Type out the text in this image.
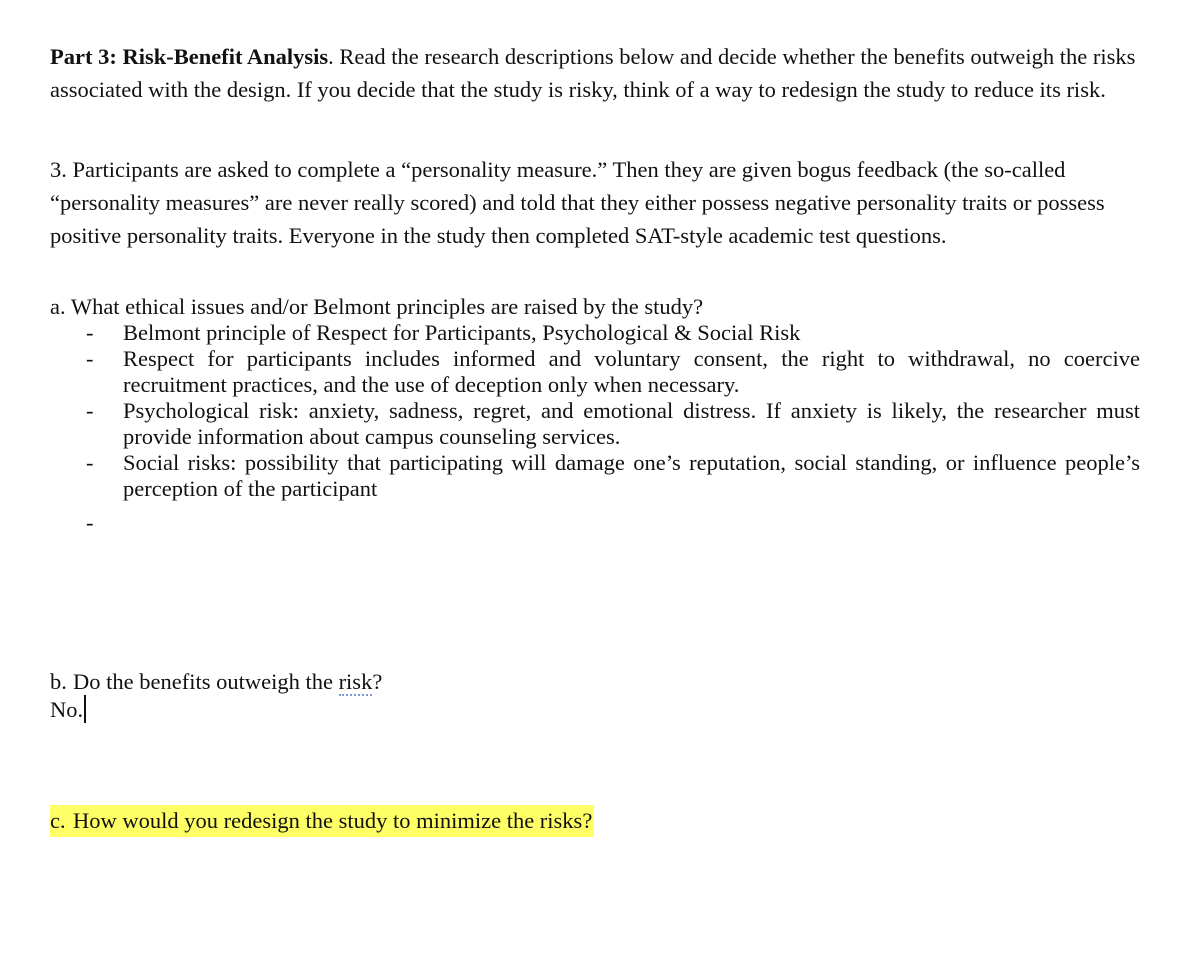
Part 3: Risk-Benefit Analysis. Read the research descriptions below and decide whether the benefits outweigh the risks associated with the design. If you decide that the study is risky, think of a way to redesign the study to reduce its risk.

3. Participants are asked to complete a “personality measure.” Then they are given bogus feedback (the so-called “personality measures” are never really scored) and told that they either possess negative personality traits or possess positive personality traits. Everyone in the study then completed SAT-style academic test questions.

a. What ethical issues and/or Belmont principles are raised by the study?

- Belmont principle of Respect for Participants, Psychological & Social Risk
- Respect for participants includes informed and voluntary consent, the right to withdrawal, no coercive recruitment practices, and the use of deception only when necessary.
- Psychological risk: anxiety, sadness, regret, and emotional distress. If anxiety is likely, the researcher must provide information about campus counseling services.
- Social risks: possibility that participating will damage one’s reputation, social standing, or influence people’s perception of the participant
-
b. Do the benefits outweigh the risk?
No.
c. How would you redesign the study to minimize the risks?
